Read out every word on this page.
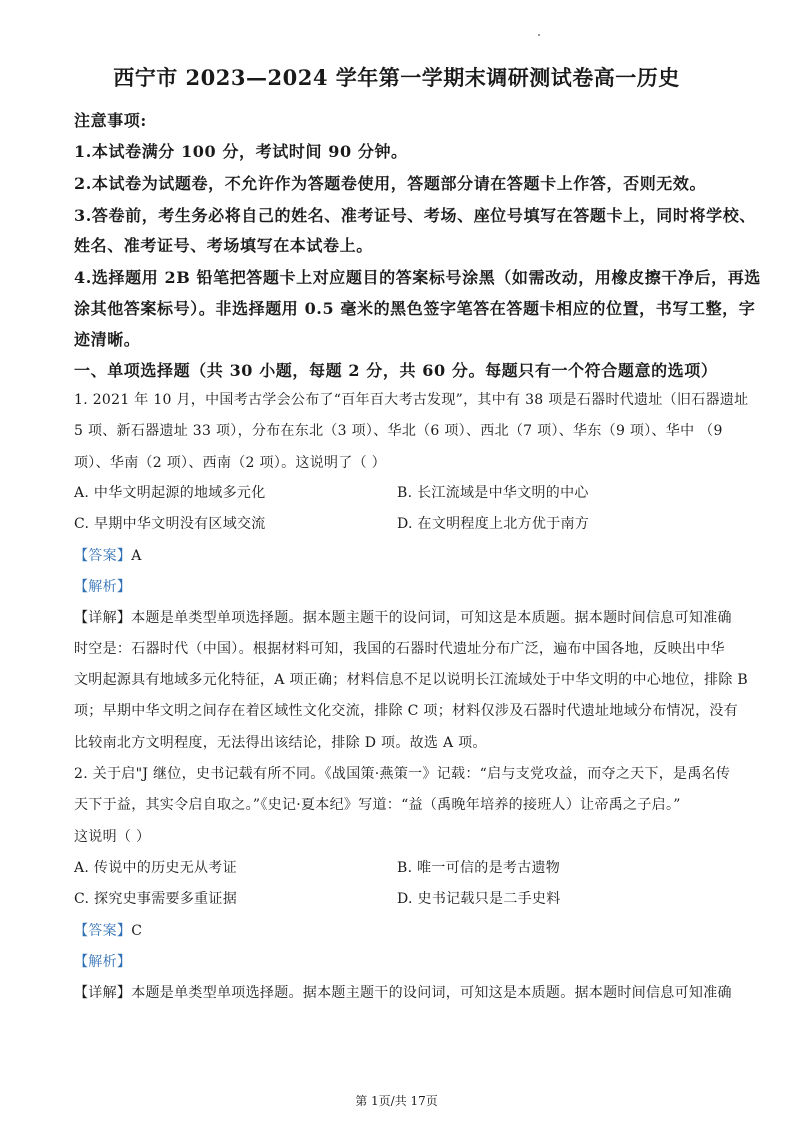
西宁市 2023—2024 学年第一学期末调研测试卷高一历史
注意事项:
1.本试卷满分 100 分，考试时间 90 分钟。
2.本试卷为试题卷，不允许作为答题卷使用，答题部分请在答题卡上作答，否则无效。
3.答卷前，考生务必将自己的姓名、准考证号、考场、座位号填写在答题卡上，同时将学校、
姓名、准考证号、考场填写在本试卷上。
4.选择题用 2B 铅笔把答题卡上对应题目的答案标号涂黑（如需改动，用橡皮擦干净后，再选
涂其他答案标号）。非选择题用 0.5 毫米的黑色签字笔答在答题卡相应的位置，书写工整，字
迹清晰。
一、单项选择题（共 30 小题，每题 2 分，共 60 分。每题只有一个符合题意的选项）
1. 2021 年 10 月，中国考古学会公布了“百年百大考古发现”，其中有 38 项是石器时代遗址（旧石器遗址
5 项、新石器遗址 33 项），分布在东北（3 项）、华北（6 项）、西北（7 项）、华东（9 项）、华中 （9
项）、华南（2 项）、西南（2 项）。这说明了（ ）
A. 中华文明起源的地域多元化	B. 长江流域是中华文明的中心
C. 早期中华文明没有区域交流	D. 在文明程度上北方优于南方
【答案】A
【解析】
【详解】本题是单类型单项选择题。据本题主题干的设问词，可知这是本质题。据本题时间信息可知准确
时空是：石器时代（中国）。根据材料可知，我国的石器时代遗址分布广泛，遍布中国各地，反映出中华
文明起源具有地域多元化特征，A 项正确；材料信息不足以说明长江流域处于中华文明的中心地位，排除 B
项；早期中华文明之间存在着区域性文化交流，排除 C 项；材料仅涉及石器时代遗址地域分布情况，没有
比较南北方文明程度，无法得出该结论，排除 D 项。故选 A 项。
2. 关于启"J 继位，史书记载有所不同。《战国策·燕策一》记载：“启与支党攻益，而夺之天下，是禹名传
天下于益，其实令启自取之。”《史记·夏本纪》写道：“益（禹晚年培养的接班人）让帝禹之子启。”
这说明（ ）
A. 传说中的历史无从考证	B. 唯一可信的是考古遗物
C. 探究史事需要多重证据	D. 史书记载只是二手史料
【答案】C
【解析】
【详解】本题是单类型单项选择题。据本题主题干的设问词，可知这是本质题。据本题时间信息可知准确
第 1页/共 17页
